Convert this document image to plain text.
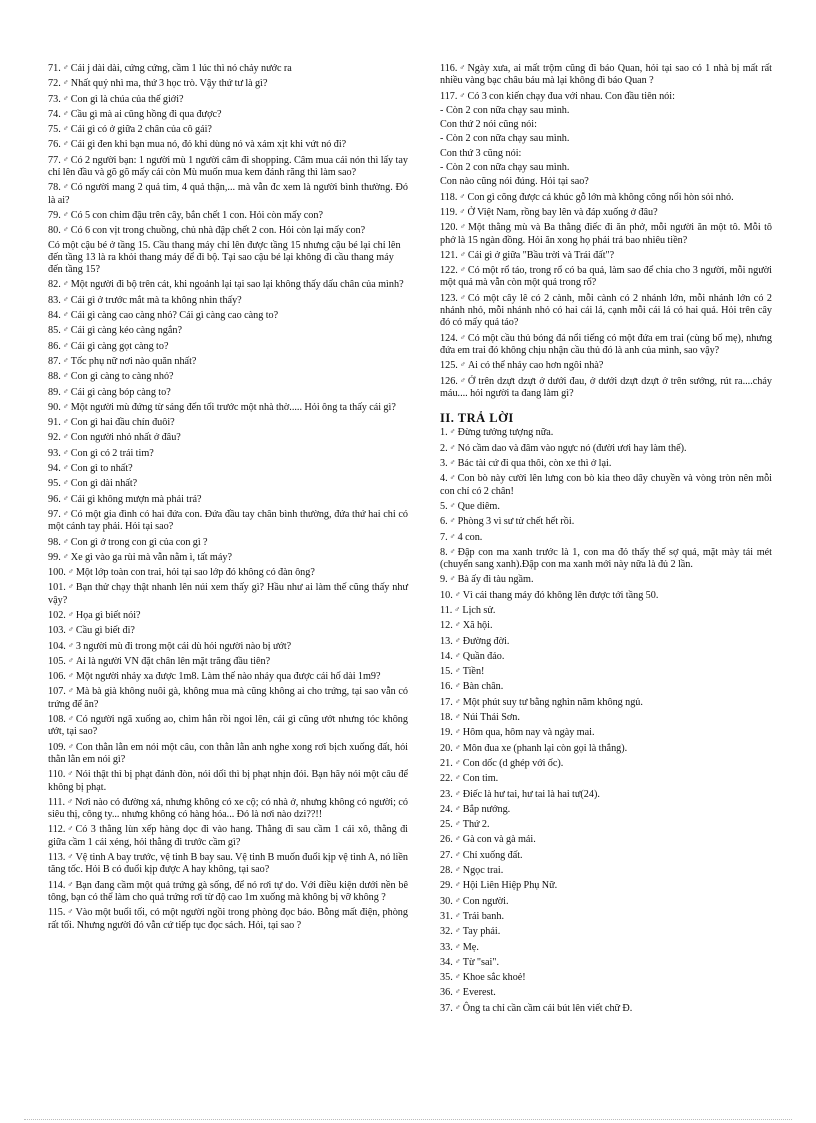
71. ♂ Cái j dài dài, cứng cứng, cầm 1 lúc thì nó chảy nước ra

72. ♂ Nhất quỷ nhì ma, thứ 3 học trò. Vậy thứ tư là gì?

73. ♂ Con gì là chúa của thế giới?

74. ♂ Cầu gì mà ai cũng hồng đi qua được?

75. ♂ Cái gì có ở giữa 2 chân của cô gái?

76. ♂ Cái gì đen khi bạn mua nó, đỏ khi dùng nó và xám xịt khi vứt nó đi?

77. ♂ Có 2 người bạn: 1 người mù 1 người câm đi shopping. Câm mua cái nón thì lấy tay chỉ lên đầu và gõ gõ mấy cái còn Mù muốn mua kem đánh răng thì làm sao?

78. ♂ Có người mang 2 quả tim, 4 quả thận,... mà vẫn đc xem là người bình thường. Đó là ai?

79. ♂ Có 5 con chim đậu trên cây, bắn chết 1 con. Hỏi còn mấy con?

80. ♂ Có 6 con vịt trong chuồng, chủ nhà đập chết 2 con. Hỏi còn lại mấy con?

Có một cậu bé ở tầng 15. Cầu thang máy chỉ lên được tầng 15 nhưng cậu bé lại chỉ lên đến tầng 13 là ra khỏi thang máy để đi bộ. Tại sao cậu bé lại không đi cầu thang máy đến tầng 15?

82. ♂ Một người đi bộ trên cát, khi ngoảnh lại tại sao lại không thấy dấu chân của mình?

83. ♂ Cái gì ở trước mắt mà ta không nhìn thấy?

84. ♂ Cái gì càng cao càng nhỏ? Cái gì càng cao càng to?

85. ♂ Cái gì càng kéo càng ngắn?

86. ♂ Cái gì càng gọt càng to?

87. ♂ Tốc phụ nữ nơi nào quăn nhất?

88. ♂ Con gì càng to càng nhỏ?

89. ♂ Cái gì càng bóp càng to?

90. ♂ Một người mù đứng từ sáng đến tối trước một nhà thờ..... Hỏi ông ta thấy cái gì?

91. ♂ Con gì hai đầu chín đuôi?

92. ♂ Con người nhỏ nhất ở đâu?

93. ♂ Con gì có 2 trái tim?

94. ♂ Con gì to nhất?

95. ♂ Con gì dài nhất?

96. ♂ Cái gì không mượn mà phải trả?

97. ♂ Có một gia đình có hai đứa con. Đứa đầu tay chân bình thường, đứa thứ hai chỉ có một cánh tay phải. Hỏi tại sao?

98. ♂ Con gì ở trong con gì của con gì ?

99. ♂ Xe gì vào ga rùi mà vẫn nằm ì, tất máy?

100. ♂ Một lớp toàn con trai, hỏi tại sao lớp đó không có đàn ông?

101. ♂ Bạn thử chạy thật nhanh lên núi xem thấy gì? Hầu như ai làm thế cũng thấy như vậy?

102. ♂ Họa gì biết nói?

103. ♂ Cầu gì biết đi?

104. ♂ 3 người mù đi trong một cái dù hỏi người nào bị ướt?

105. ♂ Ai là người VN đặt chân lên mặt trăng đầu tiên?

106. ♂ Một người nhảy xa được 1m8. Làm thế nào nhảy qua được cái hố dài 1m9?

107. ♂ Mà bà già không nuôi gà, không mua mà cũng không ai cho trứng, tại sao vẫn có trứng để ăn?

108. ♂ Có người ngã xuống ao, chìm hẳn rồi ngoi lên, cái gì cũng ướt nhưng tóc không ướt, tại sao?

109. ♂ Con thằn lằn em nói một câu, con thằn lằn anh nghe xong rơi bịch xuống đất, hỏi thằn lằn em nói gì?

110. ♂ Nói thật thì bị phạt đánh đòn, nói dối thì bị phạt nhịn đói. Bạn hãy nói một câu để không bị phạt.

111. ♂ Nơi nào có đường xá, nhưng không có xe cộ; có nhà ở, nhưng không có người; có siêu thị, công ty... nhưng không có hàng hóa... Đó là nơi nào dzi??!!

112. ♂ Có 3 thằng lùn xếp hàng dọc đi vào hang. Thằng đi sau cầm 1 cái xô, thằng đi giữa cầm 1 cái xẻng, hỏi thằng đi trước cầm gì?

113. ♂ Vệ tinh A bay trước, vệ tinh B bay sau. Vệ tinh B muốn đuổi kịp vệ tinh A, nó liền tăng tốc. Hỏi B có đuổi kịp được A hay không, tại sao?

114. ♂ Bạn đang cầm một quả trứng gà sống, để nó rơi tự do. Với điều kiện dưới nền bê tông, bạn có thể làm cho quả trứng rơi từ độ cao 1m xuống mà không bị vỡ không ?

115. ♂ Vào một buổi tối, có một người ngồi trong phòng đọc báo. Bỗng mất điện, phòng rất tối. Nhưng người đó vẫn cứ tiếp tục đọc sách. Hỏi, tại sao ?

116. ♂ Ngày xưa, ai mất trộm cũng đi báo Quan, hỏi tại sao có 1 nhà bị mất rất nhiều vàng bạc châu báu mà lại không đi báo Quan ?

117. ♂ Có 3 con kiến chạy đua với nhau. Con đầu tiên nói:

- Còn 2 con nữa chạy sau mình.

Con thứ 2 nói cũng nói:

- Còn 2 con nữa chạy sau mình.

Con thứ 3 cũng nói:

- Còn 2 con nữa chạy sau mình.

Con nào cũng nói đúng. Hỏi tại sao?

118. ♂ Con gì cõng được cả khúc gỗ lớn mà không cõng nổi hòn sỏi nhỏ.

119. ♂ Ở Việt Nam, rồng bay lên và đáp xuống ở đâu?

120. ♂ Một thằng mù và Ba thằng điếc đi ăn phở, mỗi người ăn một tô. Mỗi tô phở là 15 ngàn đồng. Hỏi ăn xong họ phải trả bao nhiêu tiền?

121. ♂ Cái gì ở giữa "Bầu trời và Trái đất"?

122. ♂ Có một rổ táo, trong rổ có ba quả, làm sao để chia cho 3 người, mỗi người một quả mà vẫn còn một quả trong rổ?

123. ♂ Có một cây lê có 2 cành, mỗi cành có 2 nhánh lớn, mỗi nhánh lớn có 2 nhánh nhỏ, mỗi nhánh nhỏ có hai cái lá, cạnh mỗi cái lá có hai quả. Hỏi trên cây đó có mấy quả táo?

124. ♂ Có một cầu thủ bóng đá nổi tiếng có một đứa em trai (cùng bố mẹ), nhưng đứa em trai đó không chịu nhận cầu thủ đó là anh của mình, sao vậy?

125. ♂ Ai có thể nhảy cao hơn ngôi nhà?

126. ♂ Ở trên dzựt dzựt ở dưới đau, ở dưới dzựt dzựt ở trên sướng, rút ra....chảy máu.... hỏi người ta đang làm gì?

II. TRẢ LỜI

1. ♂ Đừng tưởng tượng nữa.

2. ♂ Nó cầm dao và đâm vào ngực nó (đười ươi hay làm thế).

3. ♂ Bác tài cứ đi qua thôi, còn xe thì ở lại.

4. ♂ Con bò này cười lên lưng con bò kia theo dây chuyền và vòng tròn nên mỗi con chỉ có 2 chân!

5. ♂ Que diêm.

6. ♂ Phòng 3 vì sư tử chết hết rồi.

7. ♂ 4 con.

8. ♂ Đập con ma xanh trước là 1, con ma đỏ thấy thế sợ quá, mặt mày tái mét (chuyển sang xanh).Đập con ma xanh mới này nữa là đủ 2 lần.

9. ♂ Bà ấy đi tàu ngầm.

10. ♂ Vì cái thang máy đó không lên được tới tầng 50.

11. ♂ Lịch sử.

12. ♂ Xã hội.

13. ♂ Đường đời.

14. ♂ Quần đảo.

15. ♂ Tiền!

16. ♂ Bàn chân.

17. ♂ Một phút suy tư bằng nghìn năm không ngủ.

18. ♂ Núi Thái Sơn.

19. ♂ Hôm qua, hôm nay và ngày mai.

20. ♂ Môn đua xe (phanh lại còn gọi là thắng).

21. ♂ Con dốc (d ghép với ốc).

22. ♂ Con tim.

23. ♂ Điếc là hư tai, hư tai là hai tư(24).

24. ♂ Bắp nướng.

25. ♂ Thứ 2.

26. ♂ Gà con và gà mái.

27. ♂ Chỉ xuống đất.

28. ♂ Ngọc trai.

29. ♂ Hội Liên Hiệp Phụ Nữ.

30. ♂ Con người.

31. ♂ Trái banh.

32. ♂ Tay phải.

33. ♂ Mẹ.

34. ♂ Từ "sai".

35. ♂ Khoe sắc khoẻ!

36. ♂ Everest.

37. ♂ Ông ta chỉ cần cầm cái bút lên viết chữ Đ.
